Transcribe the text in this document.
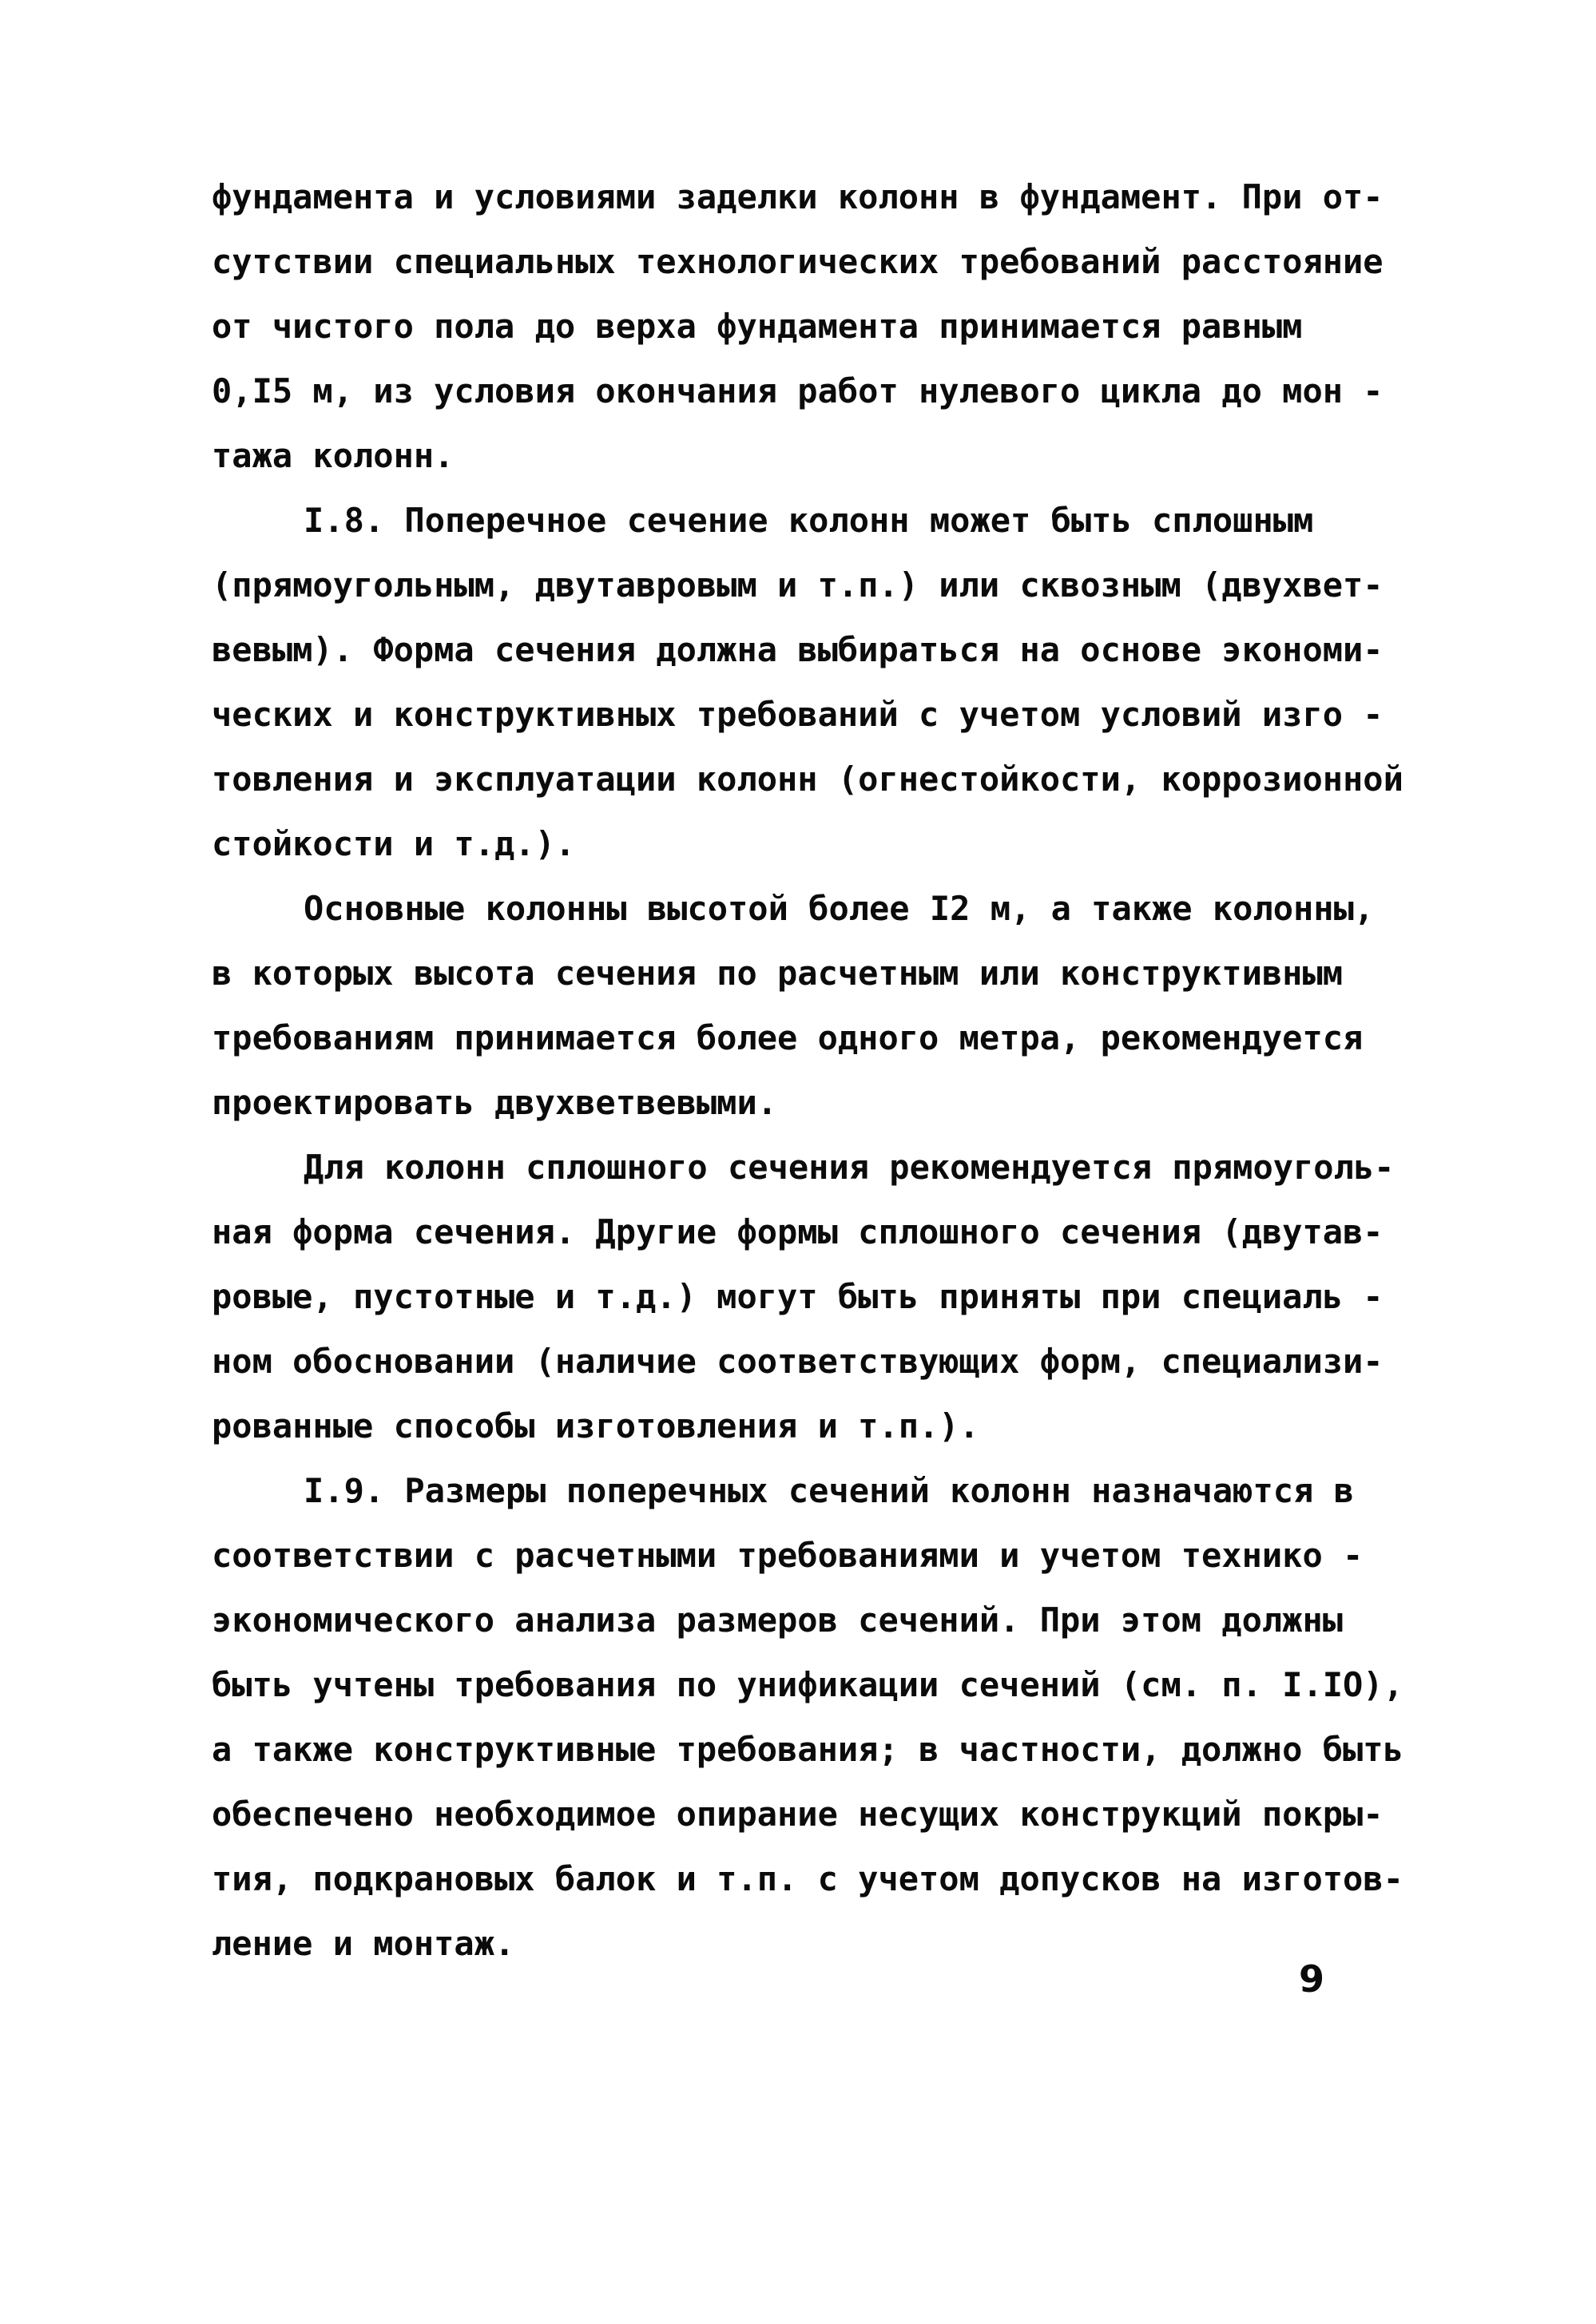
фундамента и условиями заделки колонн в фундамент. При от-
сутствии специальных технологических требований расстояние
от чистого пола до верха фундамента принимается равным
0,I5 м, из условия окончания работ нулевого цикла до мон -
тажа колонн.
I.8. Поперечное сечение колонн может быть сплошным
(прямоугольным, двутавровым и т.п.) или сквозным (двухвет-
вевым). Форма сечения должна выбираться на основе экономи-
ческих и конструктивных требований с учетом условий изго -
товления и эксплуатации колонн (огнестойкости, коррозионной
стойкости и т.д.).
Основные колонны высотой более I2 м, а также колонны,
в которых высота сечения по расчетным или конструктивным
требованиям принимается более одного метра, рекомендуется
проектировать двухветвевыми.
Для колонн сплошного сечения рекомендуется прямоуголь-
ная форма сечения. Другие формы сплошного сечения (двутав-
ровые, пустотные и т.д.) могут быть приняты при специаль -
ном обосновании (наличие соответствующих форм, специализи-
рованные способы изготовления и т.п.).
I.9. Размеры поперечных сечений колонн назначаются в
соответствии с расчетными требованиями и учетом технико -
экономического анализа размеров сечений. При этом должны
быть учтены требования по унификации сечений (см. п. I.IO),
а также конструктивные требования; в частности, должно быть
обеспечено необходимое опирание несущих конструкций покры-
тия, подкрановых балок и т.п. с учетом допусков на изготов-
ление и монтаж.
9
